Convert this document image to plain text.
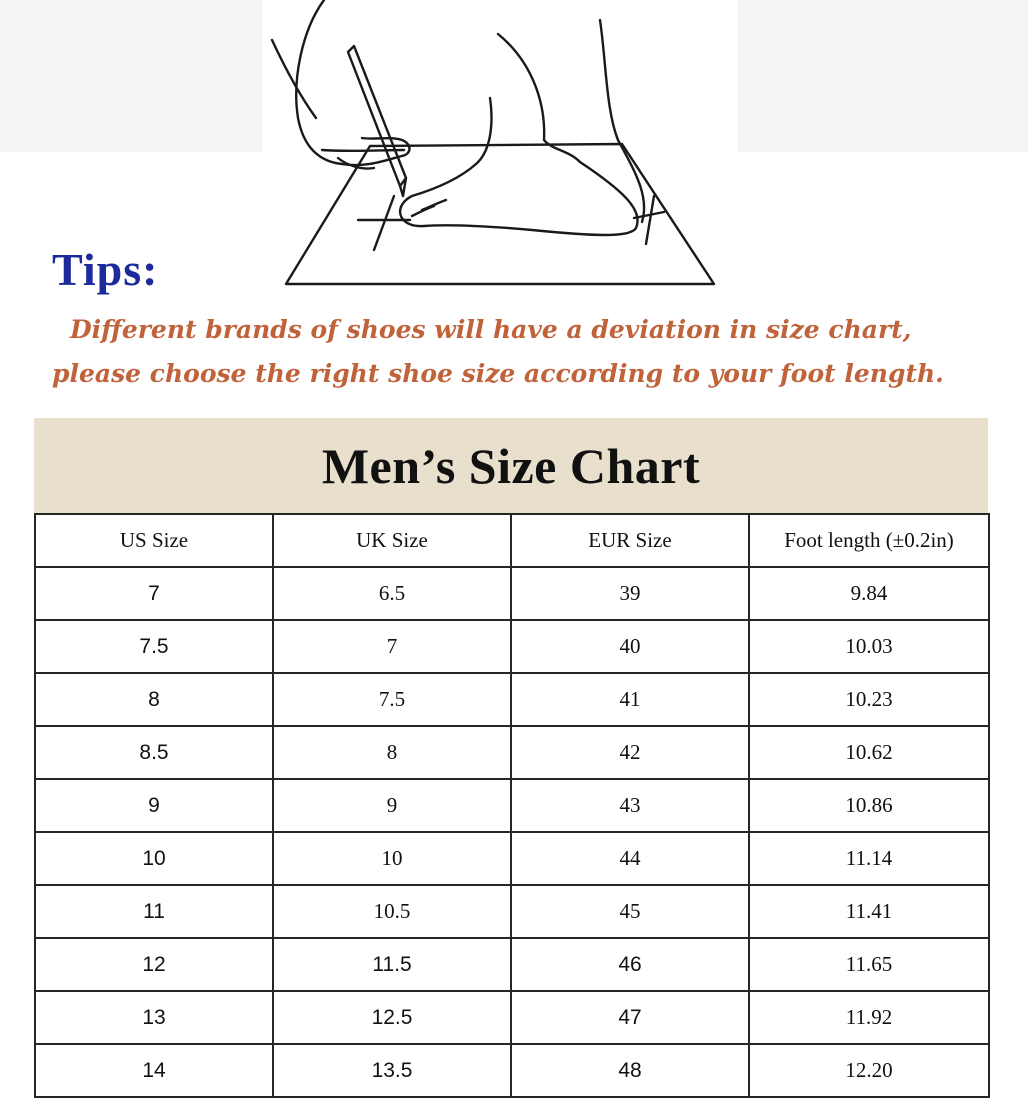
Tips:

Different brands of shoes will have a deviation in size chart,

please choose the right shoe size according to your foot length.

Men’s Size Chart
US Size	UK Size	EUR Size	Foot length (±0.2in)
7	6.5	39	9.84
7.5	7	40	10.03
8	7.5	41	10.23
8.5	8	42	10.62
9	9	43	10.86
10	10	44	11.14
11	10.5	45	11.41
12	11.5	46	11.65
13	12.5	47	11.92
14	13.5	48	12.20
